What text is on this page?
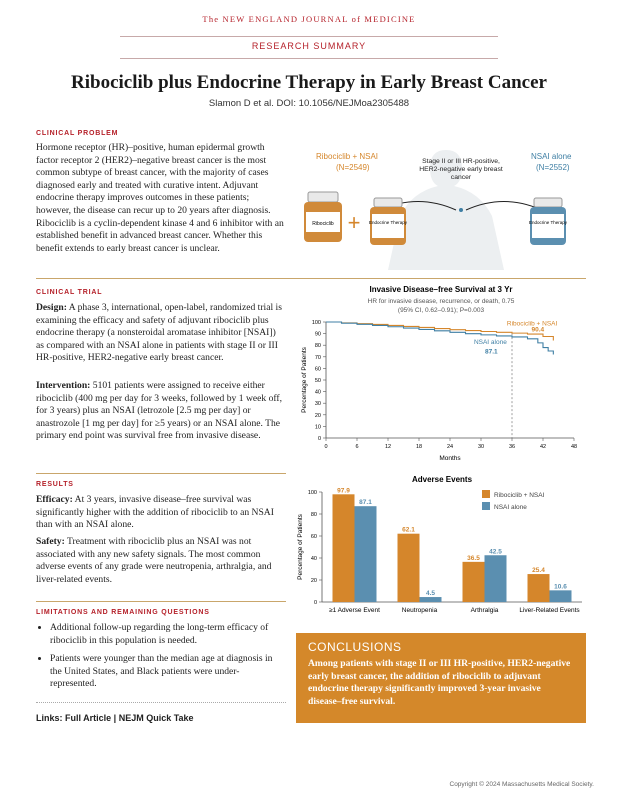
The NEW ENGLAND JOURNAL of MEDICINE
RESEARCH SUMMARY
Ribociclib plus Endocrine Therapy in Early Breast Cancer
Slamon D et al. DOI: 10.1056/NEJMoa2305488
CLINICAL PROBLEM
Hormone receptor (HR)–positive, human epidermal growth factor receptor 2 (HER2)–negative breast cancer is the most common subtype of breast cancer, with the majority of cases diagnosed early and treated with curative intent. Adjuvant endocrine therapy improves outcomes in these patients; however, the disease can recur up to 20 years after diagnosis. Ribociclib is a cyclin-dependent kinase 4 and 6 inhibitor with an established benefit in advanced breast cancer. Whether this benefit extends to early breast cancer is unclear.
Ribociclib + Endocrine Therapy	Endocrine Therapy
Ribociclib + NSAI
(N=2549)
NSAI alone
(N=2552)
Stage II or III HR-positive, HER2-negative early breast cancer
CLINICAL TRIAL
Design: A phase 3, international, open-label, randomized trial is examining the efficacy and safety of adjuvant ribociclib plus endocrine therapy (a nonsteroidal aromatase inhibitor [NSAI]) as compared with an NSAI alone in patients with stage II or III HR-positive, HER2-negative early breast cancer.
Intervention: 5101 patients were assigned to receive either ribociclib (400 mg per day for 3 weeks, followed by 1 week off, for 3 years) plus an NSAI (letrozole [2.5 mg per day] or anastrozole [1 mg per day] for ≥5 years) or an NSAI alone. The primary end point was survival free from invasive disease.
Invasive Disease–free Survival at 3 Yr
HR for invasive disease, recurrence, or death, 0.75
(95% CI, 0.62–0.91); P=0.003
0
10
20
30
40
50
60
70
80
90
100
0	6	12	18	24	30	36	42	48
Months
Percentage of Patients
Ribociclib + NSAI
90.4
NSAI alone
87.1
RESULTS
Efficacy: At 3 years, invasive disease–free survival was significantly higher with the addition of ribociclib to an NSAI than with an NSAI alone.
Safety: Treatment with ribociclib plus an NSAI was not associated with any new safety signals. The most common adverse events of any grade were neutropenia, arthralgia, and liver-related events.
Adverse Events
0
20
40
60
80
100
Percentage of Patients
97.9
87.1
≥1 Adverse Event
62.1
4.5
Neutropenia
36.5
42.5
Arthralgia
25.4
10.6
Liver-Related Events
Ribociclib + NSAI
NSAI alone
LIMITATIONS AND REMAINING QUESTIONS
• Additional follow-up regarding the long-term efficacy of ribociclib in this population is needed.
• Patients were younger than the median age at diagnosis in the United States, and Black patients were under-represented.
Links: Full Article | NEJM Quick Take
CONCLUSIONS
Among patients with stage II or III HR-positive, HER2-negative early breast cancer, the addition of ribociclib to adjuvant endocrine therapy significantly improved 3-year invasive disease–free survival.
Copyright © 2024 Massachusetts Medical Society.
